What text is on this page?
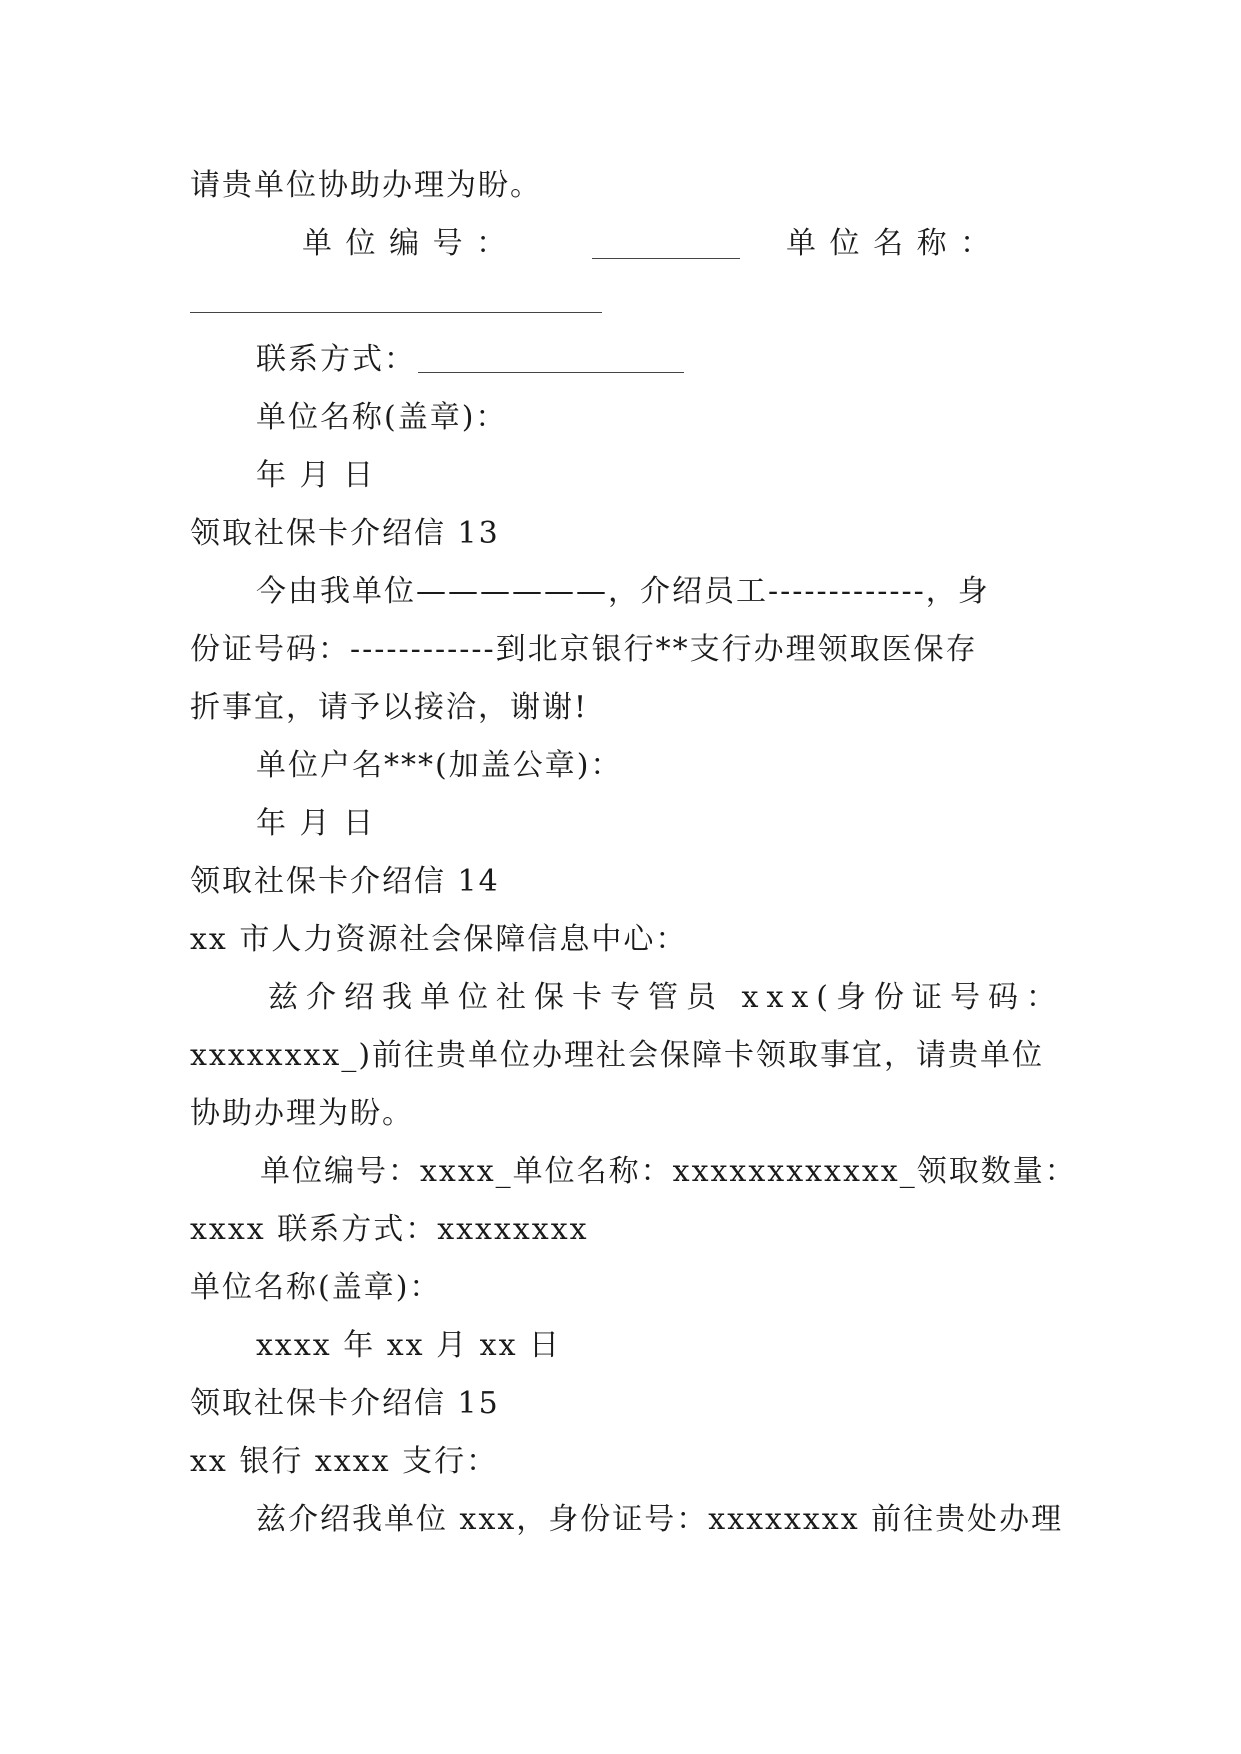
请贵单位协助办理为盼。
单 位 编 号 ：	单 位 名 称 ：
联系方式：
单位名称(盖章)：
年 月 日
领取社保卡介绍信 13
今由我单位——————，介绍员工-------------，身
份证号码：------------到北京银行**支行办理领取医保存
折事宜，请予以接洽，谢谢!
单位户名***(加盖公章)：
年 月 日
领取社保卡介绍信 14
xx 市人力资源社会保障信息中心：
兹介绍我单位社保卡专管员 xxx(身份证号码：
xxxxxxxx_)前往贵单位办理社会保障卡领取事宜，请贵单位
协助办理为盼。
单位编号：xxxx_单位名称：xxxxxxxxxxxx_领取数量：
xxxx 联系方式：xxxxxxxx
单位名称(盖章)：
xxxx 年 xx 月 xx 日
领取社保卡介绍信 15
xx 银行 xxxx 支行：
兹介绍我单位 xxx，身份证号：xxxxxxxx 前往贵处办理
